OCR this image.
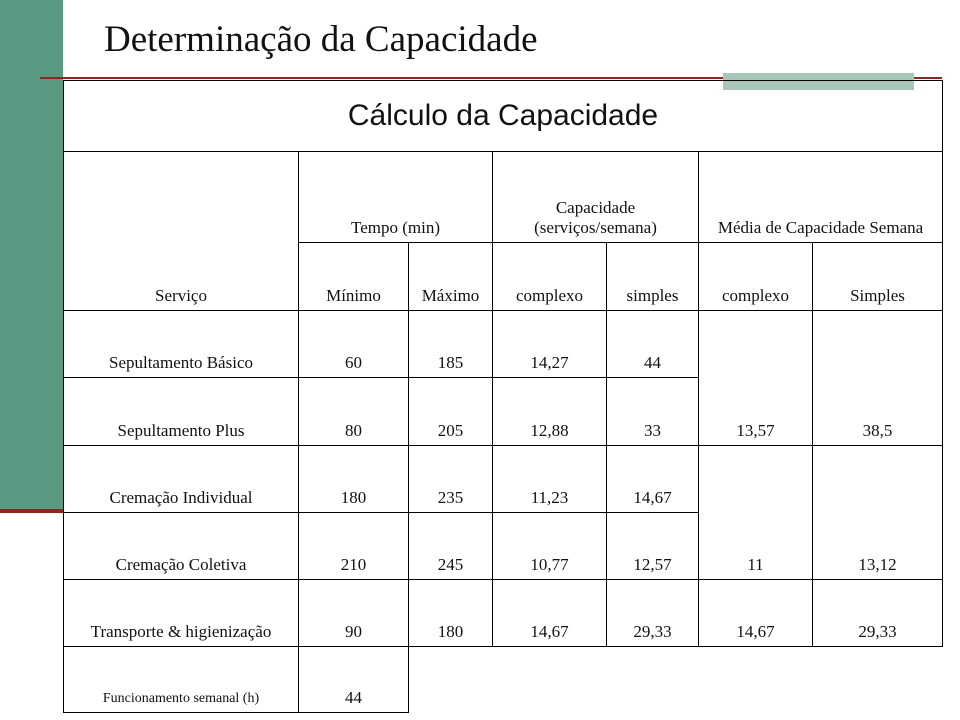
Determinação da Capacidade
Cálculo da Capacidade						
Serviço	Tempo (min)		Capacidade (serviços/semana)		Média de Capacidade Semana	
	Mínimo	Máximo	complexo	simples	complexo	Simples
Sepultamento Básico	60	185	14,27	44	13,57	38,5
Sepultamento Plus	80	205	12,88	33		
Cremação Individual	180	235	11,23	14,67	11	13,12
Cremação Coletiva	210	245	10,77	12,57		
Transporte & higienização	90	180	14,67	29,33	14,67	29,33
Funcionamento semanal (h)	44					
